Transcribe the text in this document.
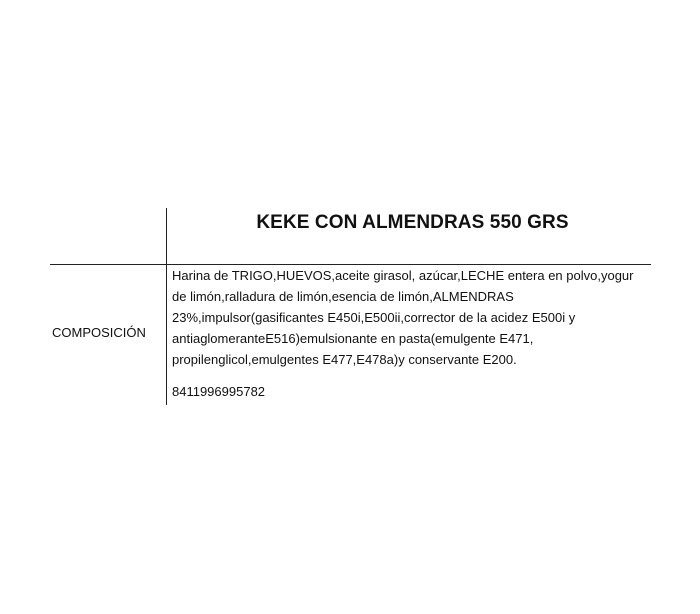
KEKE CON ALMENDRAS 550 GRS
COMPOSICIÓN
Harina de TRIGO,HUEVOS,aceite girasol, azúcar,LECHE entera en polvo,yogur
de limón,ralladura de limón,esencia de limón,ALMENDRAS
23%,impulsor(gasificantes E450i,E500ii,corrector de la acidez E500i y
antiaglomeranteE516)emulsionante en pasta(emulgente E471,
propilenglicol,emulgentes E477,E478a)y conservante E200.
8411996995782
